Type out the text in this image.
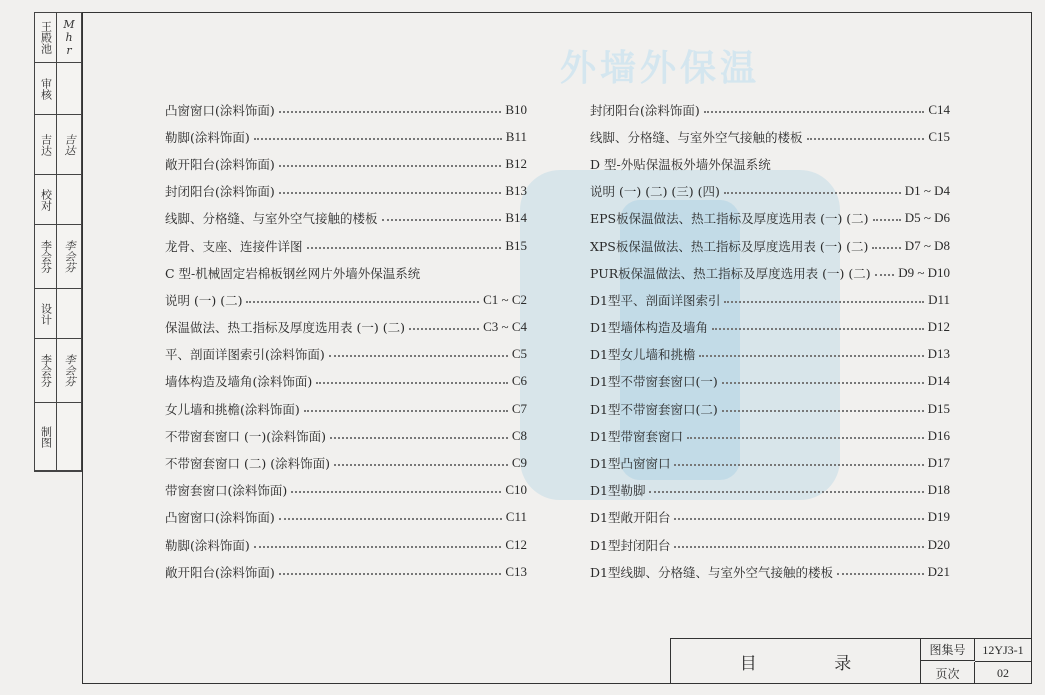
外墙外保温
王殿池 Mhr
审核
吉达 吉达
校对
李会芬 李会芬
设计
李会芬 李会芬
制图
凸窗窗口(涂料饰面)	B10
勒脚(涂料饰面)	B11
敞开阳台(涂料饰面)	B12
封闭阳台(涂料饰面)	B13
线脚、分格缝、与室外空气接触的楼板	B14
龙骨、支座、连接件详图	B15
C 型-机械固定岩棉板钢丝网片外墙外保温系统
说明 (一) (二)	C1 ~ C2
保温做法、热工指标及厚度选用表 (一) (二)	C3 ~ C4
平、剖面详图索引(涂料饰面)	C5
墙体构造及墙角(涂料饰面)	C6
女儿墙和挑檐(涂料饰面)	C7
不带窗套窗口 (一)(涂料饰面)	C8
不带窗套窗口 (二) (涂料饰面)	C9
带窗套窗口(涂料饰面)	C10
凸窗窗口(涂料饰面)	C11
勒脚(涂料饰面)	C12
敞开阳台(涂料饰面)	C13
封闭阳台(涂料饰面)	C14
线脚、分格缝、与室外空气接触的楼板	C15
D 型-外贴保温板外墙外保温系统
说明 (一) (二) (三) (四)	D1 ~ D4
EPS板保温做法、热工指标及厚度选用表 (一) (二)	D5 ~ D6
XPS板保温做法、热工指标及厚度选用表 (一) (二)	D7 ~ D8
PUR板保温做法、热工指标及厚度选用表 (一) (二) D9 ~ D10
D1型平、剖面详图索引	D11
D1型墙体构造及墙角	D12
D1型女儿墙和挑檐	D13
D1型不带窗套窗口(一)	D14
D1型不带窗套窗口(二)	D15
D1型带窗套窗口	D16
D1型凸窗窗口	D17
D1型勒脚	D18
D1型敞开阳台	D19
D1型封闭阳台	D20
D1型线脚、分格缝、与室外空气接触的楼板	D21
目 录
图集号	12YJ3-1
页次	02
